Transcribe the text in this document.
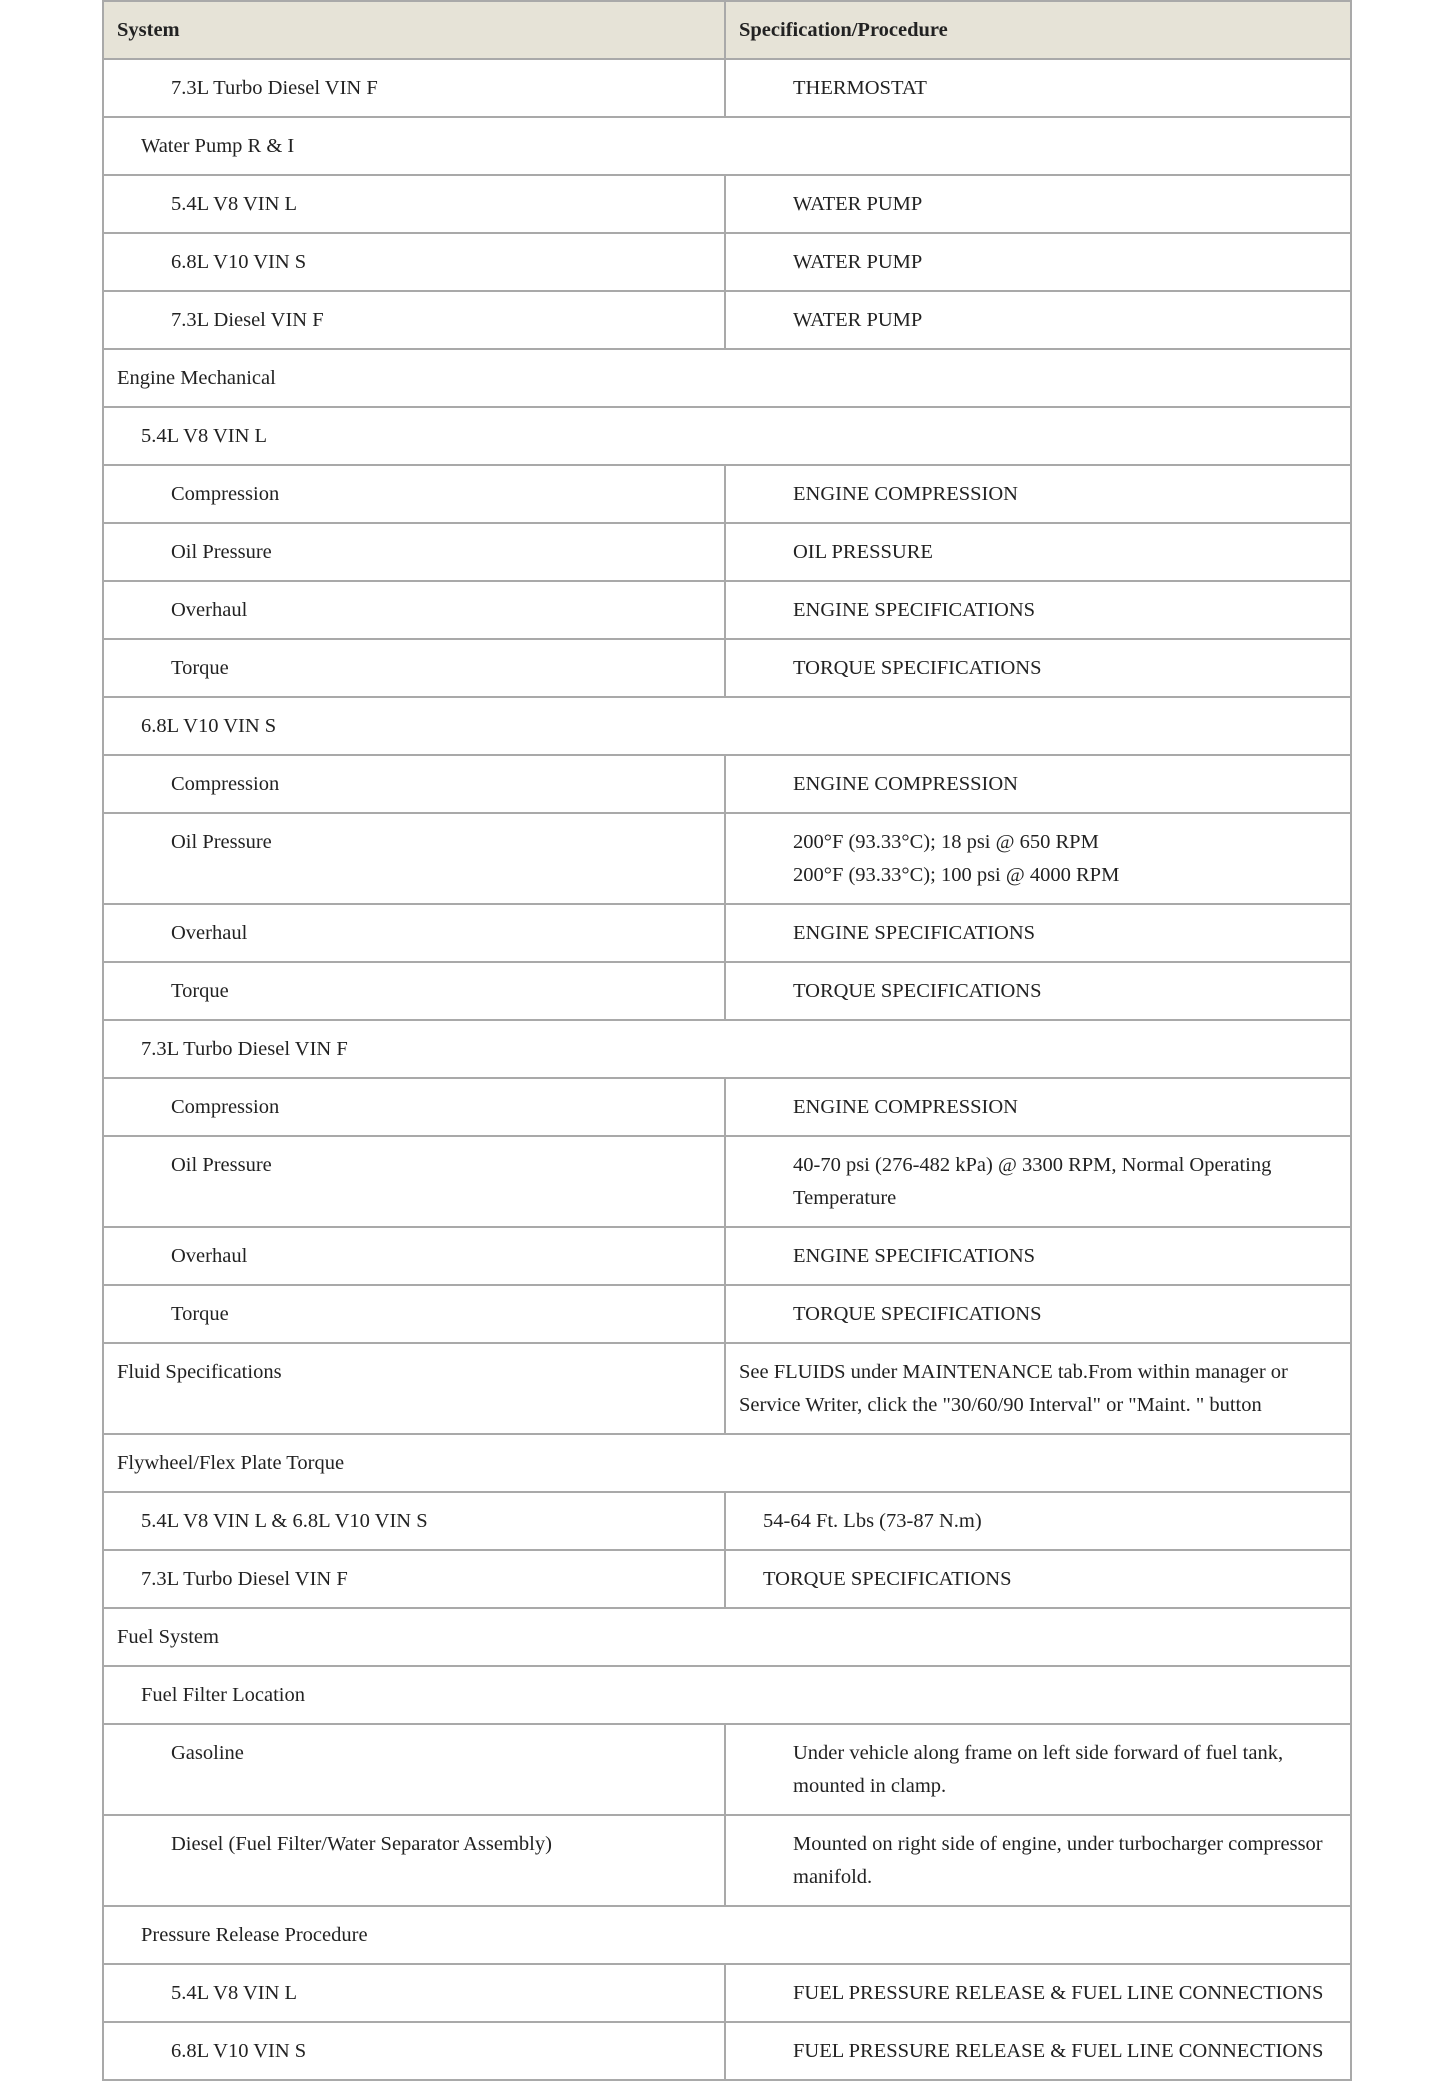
System	Specification/Procedure
7.3L Turbo Diesel VIN F	THERMOSTAT
Water Pump R & I	
5.4L V8 VIN L	WATER PUMP
6.8L V10 VIN S	WATER PUMP
7.3L Diesel VIN F	WATER PUMP
Engine Mechanical	
5.4L V8 VIN L	
Compression	ENGINE COMPRESSION
Oil Pressure	OIL PRESSURE
Overhaul	ENGINE SPECIFICATIONS
Torque	TORQUE SPECIFICATIONS
6.8L V10 VIN S	
Compression	ENGINE COMPRESSION
Oil Pressure	200°F (93.33°C); 18 psi @ 650 RPM
200°F (93.33°C); 100 psi @ 4000 RPM

Overhaul	ENGINE SPECIFICATIONS
Torque	TORQUE SPECIFICATIONS
7.3L Turbo Diesel VIN F	
Compression	ENGINE COMPRESSION
Oil Pressure	40-70 psi (276-482 kPa) @ 3300 RPM, Normal Operating Temperature
Overhaul	ENGINE SPECIFICATIONS
Torque	TORQUE SPECIFICATIONS
Fluid Specifications	See FLUIDS under MAINTENANCE tab.From within manager or Service Writer, click the "30/60/90 Interval" or "Maint. " button
Flywheel/Flex Plate Torque	
5.4L V8 VIN L & 6.8L V10 VIN S	54-64 Ft. Lbs (73-87 N.m)
7.3L Turbo Diesel VIN F	TORQUE SPECIFICATIONS
Fuel System	
Fuel Filter Location	
Gasoline	Under vehicle along frame on left side forward of fuel tank, mounted in clamp.
Diesel (Fuel Filter/Water Separator Assembly)	Mounted on right side of engine, under turbocharger compressor manifold.
Pressure Release Procedure	
5.4L V8 VIN L	FUEL PRESSURE RELEASE & FUEL LINE CONNECTIONS
6.8L V10 VIN S	FUEL PRESSURE RELEASE & FUEL LINE CONNECTIONS
